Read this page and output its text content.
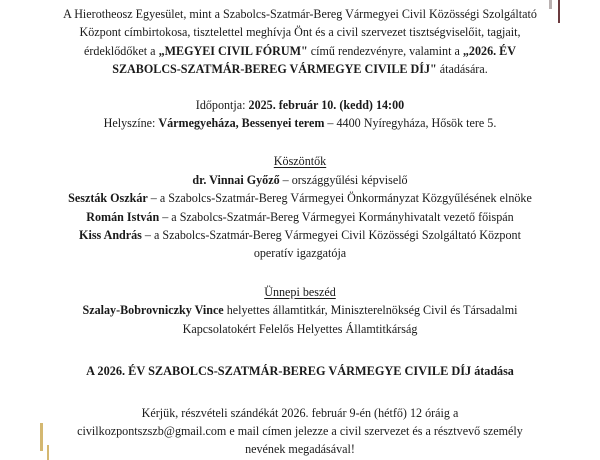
A Hierotheosz Egyesület, mint a Szabolcs-Szatmár-Bereg Vármegyei Civil Közösségi Szolgáltató Központ címbirtokosa, tisztelettel meghívja Önt és a civil szervezet tisztségviselőit, tagjait, érdeklődőket a „MEGYEI CIVIL FÓRUM" című rendezvényre, valamint a „2026. ÉV SZABOLCS-SZATMÁR-BEREG VÁRMEGYE CIVILE DÍJ" átadására.

Időpontja: 2025. február 10. (kedd) 14:00
Helyszíne: Vármegyeháza, Bessenyei terem – 4400 Nyíregyháza, Hősök tere 5.
Köszöntők
dr. Vinnai Győző – országgyűlési képviselő
Seszták Oszkár – a Szabolcs-Szatmár-Bereg Vármegyei Önkormányzat Közgyűlésének elnöke
Román István – a Szabolcs-Szatmár-Bereg Vármegyei Kormányhivatalt vezető főispán
Kiss András – a Szabolcs-Szatmár-Bereg Vármegyei Civil Közösségi Szolgáltató Központ operatív igazgatója
Ünnepi beszéd
Szalay-Bobrovniczky Vince helyettes államtitkár, Miniszterelnökség Civil és Társadalmi Kapcsolatokért Felelős Helyettes Államtitkárság
A 2026. ÉV SZABOLCS-SZATMÁR-BEREG VÁRMEGYE CIVILE DÍJ átadása
Kérjük, részvételi szándékát 2026. február 9-én (hétfő) 12 óráig a
civilkozpontszszb@gmail.com e mail címen jelezze a civil szervezet és a résztvevő személy
nevének megadásával!
